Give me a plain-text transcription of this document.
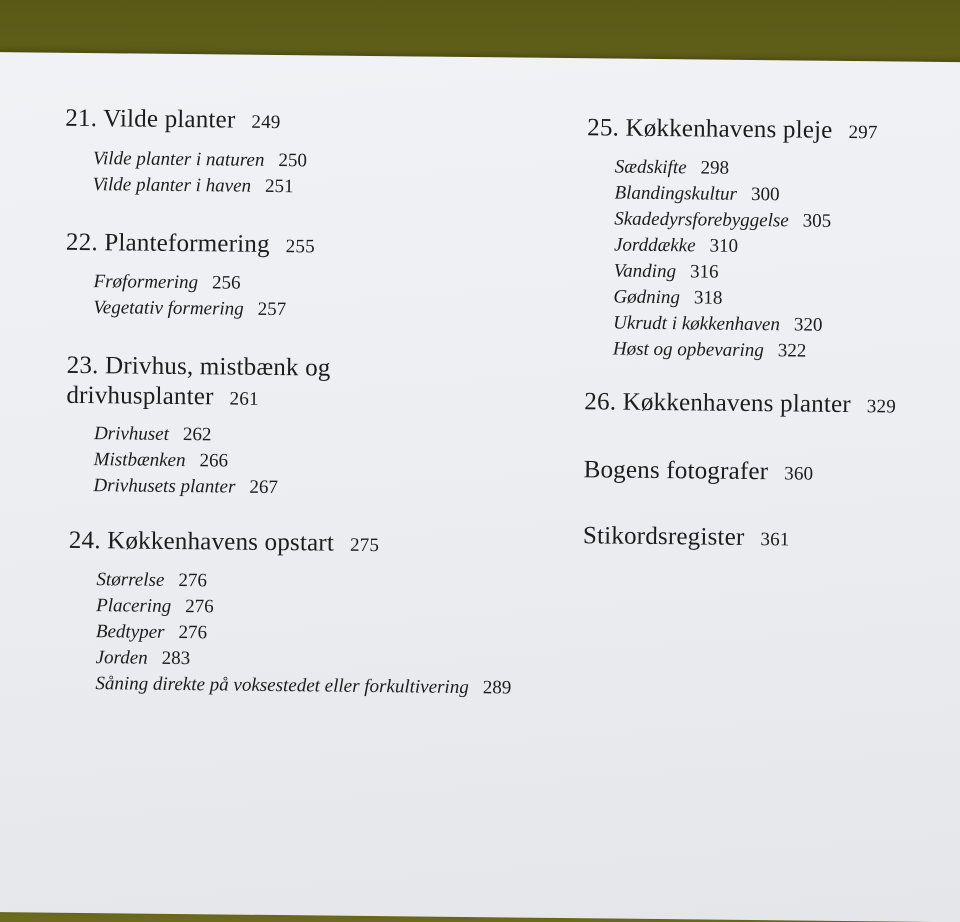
21. Vilde planter 249
Vilde planter i naturen 250
Vilde planter i haven 251
22. Planteformering 255
Frøformering 256
Vegetativ formering 257
23. Drivhus, mistbænk og
drivhusplanter 261
Drivhuset 262
Mistbænken 266
Drivhusets planter 267
24. Køkkenhavens opstart 275
Størrelse 276
Placering 276
Bedtyper 276
Jorden 283
Såning direkte på voksestedet eller forkultivering 289
25. Køkkenhavens pleje 297
Sædskifte 298
Blandingskultur 300
Skadedyrsforebyggelse 305
Jorddække 310
Vanding 316
Gødning 318
Ukrudt i køkkenhaven 320
Høst og opbevaring 322
26. Køkkenhavens planter 329
Bogens fotografer 360
Stikordsregister 361
